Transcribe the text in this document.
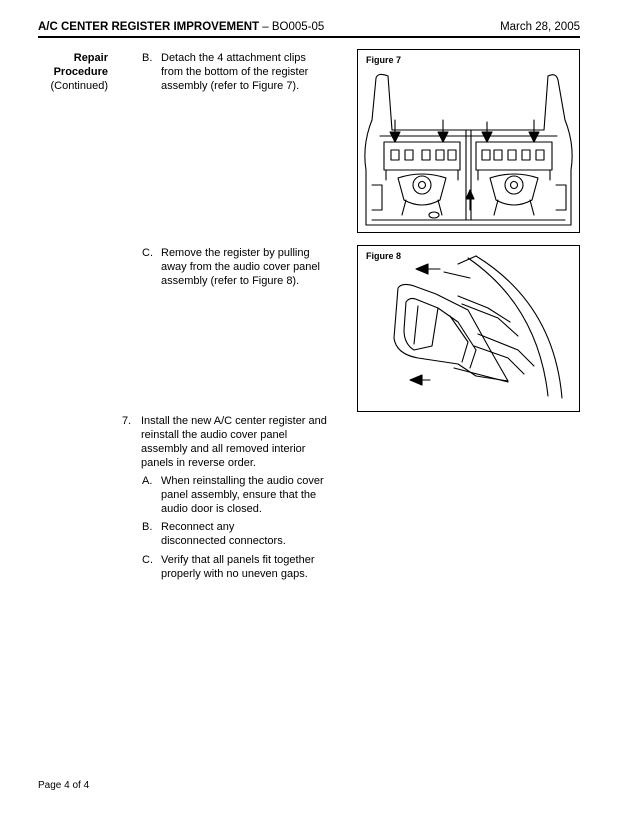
A/C CENTER REGISTER IMPROVEMENT – BO005-05	March 28, 2005
Repair
Procedure
(Continued)
B. Detach the 4 attachment clips
from the bottom of the register
assembly (refer to Figure 7).
C. Remove the register by pulling
away from the audio cover panel
assembly (refer to Figure 8).
7. Install the new A/C center register and
reinstall the audio cover panel
assembly and all removed interior
panels in reverse order.
A. When reinstalling the audio cover
panel assembly, ensure that the
audio door is closed.
B. Reconnect any
disconnected connectors.
C. Verify that all panels fit together
properly with no uneven gaps.
Figure 7
Figure 8
Page 4 of 4
